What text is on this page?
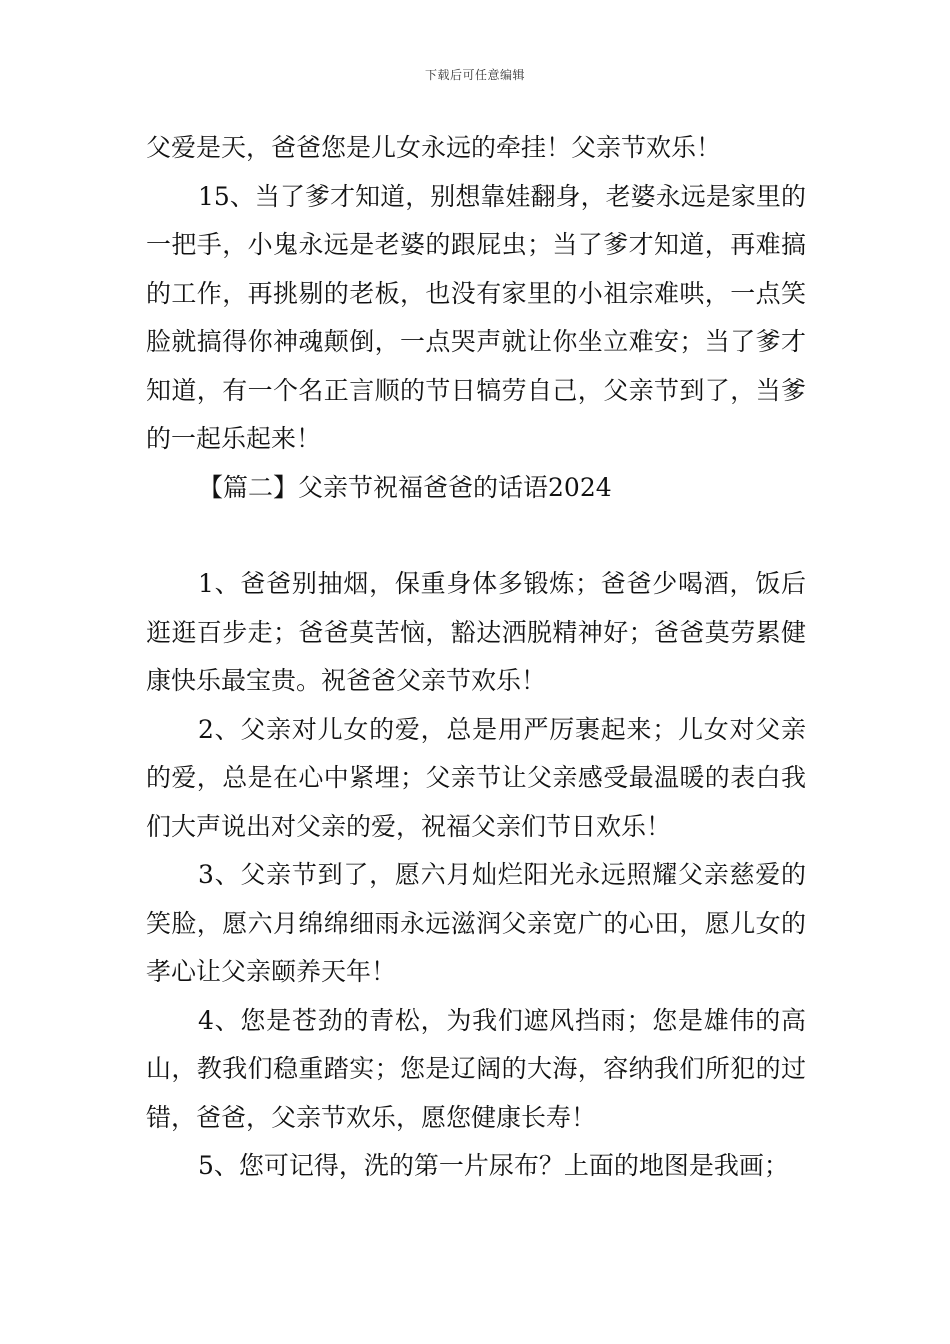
下载后可任意编辑

父爱是天，爸爸您是儿女永远的牵挂！父亲节欢乐！

15、当了爹才知道，别想靠娃翻身，老婆永远是家里的一把手，小鬼永远是老婆的跟屁虫；当了爹才知道，再难搞的工作，再挑剔的老板，也没有家里的小祖宗难哄，一点笑脸就搞得你神魂颠倒，一点哭声就让你坐立难安；当了爹才知道，有一个名正言顺的节日犒劳自己，父亲节到了，当爹的一起乐起来！

【篇二】父亲节祝福爸爸的话语2024

1、爸爸别抽烟，保重身体多锻炼；爸爸少喝酒，饭后逛逛百步走；爸爸莫苦恼，豁达洒脱精神好；爸爸莫劳累健康快乐最宝贵。祝爸爸父亲节欢乐！

2、父亲对儿女的爱，总是用严厉裹起来；儿女对父亲的爱，总是在心中紧埋；父亲节让父亲感受最温暖的表白我们大声说出对父亲的爱，祝福父亲们节日欢乐！

3、父亲节到了，愿六月灿烂阳光永远照耀父亲慈爱的笑脸，愿六月绵绵细雨永远滋润父亲宽广的心田，愿儿女的孝心让父亲颐养天年！

4、您是苍劲的青松，为我们遮风挡雨；您是雄伟的高山，教我们稳重踏实；您是辽阔的大海，容纳我们所犯的过错，爸爸，父亲节欢乐，愿您健康长寿！

5、您可记得，洗的第一片尿布？上面的地图是我画；
